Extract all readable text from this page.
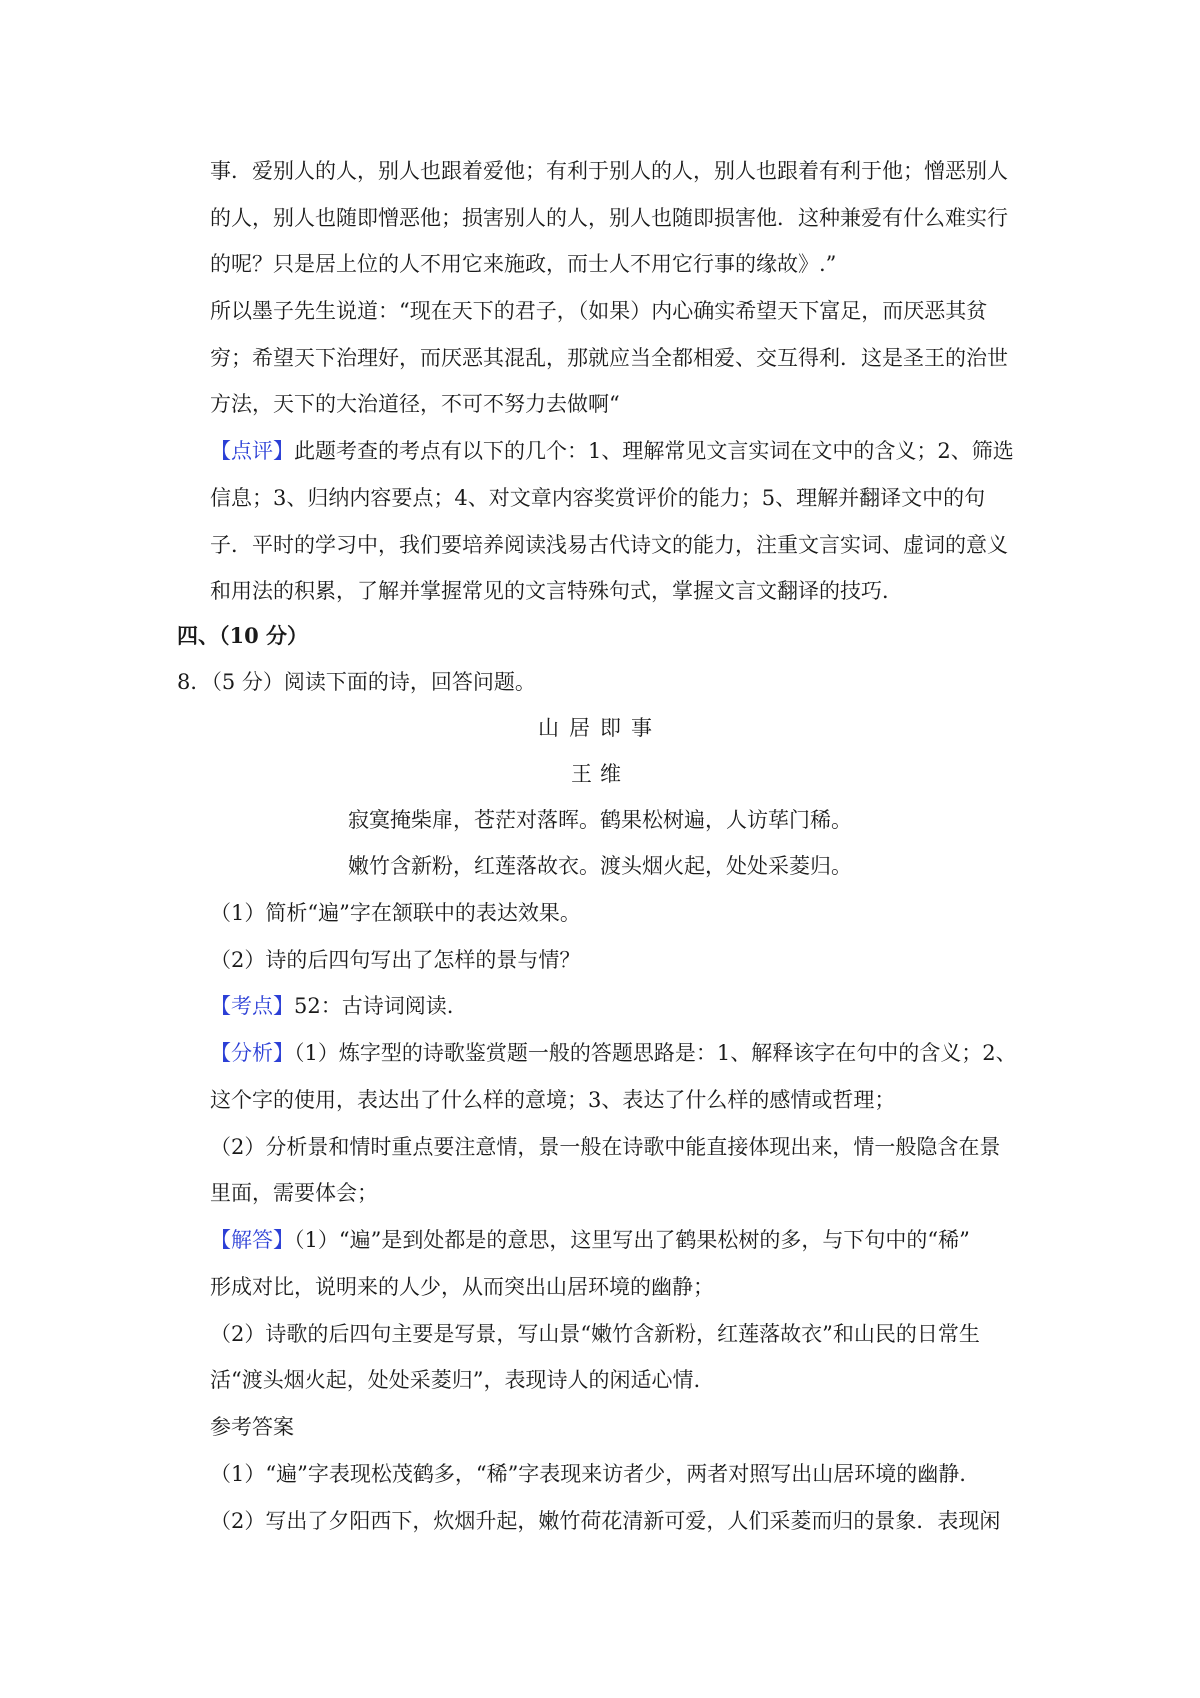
事．爱别人的人，别人也跟着爱他；有利于别人的人，别人也跟着有利于他；憎恶别人
的人，别人也随即憎恶他；损害别人的人，别人也随即损害他．这种兼爱有什么难实行
的呢？只是居上位的人不用它来施政，而士人不用它行事的缘故》.”
所以墨子先生说道：“现在天下的君子，（如果）内心确实希望天下富足，而厌恶其贫
穷；希望天下治理好，而厌恶其混乱，那就应当全都相爱、交互得利．这是圣王的治世
方法，天下的大治道径，不可不努力去做啊“
【点评】此题考查的考点有以下的几个：1、理解常见文言实词在文中的含义；2、筛选
信息；3、归纳内容要点；4、对文章内容奖赏评价的能力；5、理解并翻译文中的句
子．平时的学习中，我们要培养阅读浅易古代诗文的能力，注重文言实词、虚词的意义
和用法的积累，了解并掌握常见的文言特殊句式，掌握文言文翻译的技巧．
四、（10 分）
8．（5 分）阅读下面的诗，回答问题。
山居即事
王维
寂寞掩柴扉，苍茫对落晖。鹤果松树遍，人访荜门稀。
嫩竹含新粉，红莲落故衣。渡头烟火起，处处采菱归。
（1）简析“遍”字在颔联中的表达效果。
（2）诗的后四句写出了怎样的景与情？
【考点】52：古诗词阅读.
【分析】（1）炼字型的诗歌鉴赏题一般的答题思路是：1、解释该字在句中的含义；2、
这个字的使用，表达出了什么样的意境；3、表达了什么样的感情或哲理；
（2）分析景和情时重点要注意情，景一般在诗歌中能直接体现出来，情一般隐含在景
里面，需要体会；
【解答】（1）“遍”是到处都是的意思，这里写出了鹤果松树的多，与下句中的“稀”
形成对比，说明来的人少，从而突出山居环境的幽静；
（2）诗歌的后四句主要是写景，写山景“嫩竹含新粉，红莲落故衣”和山民的日常生
活“渡头烟火起，处处采菱归”，表现诗人的闲适心情.
参考答案
（1）“遍”字表现松茂鹤多，“稀”字表现来访者少，两者对照写出山居环境的幽静.
（2）写出了夕阳西下，炊烟升起，嫩竹荷花清新可爱，人们采菱而归的景象．表现闲
